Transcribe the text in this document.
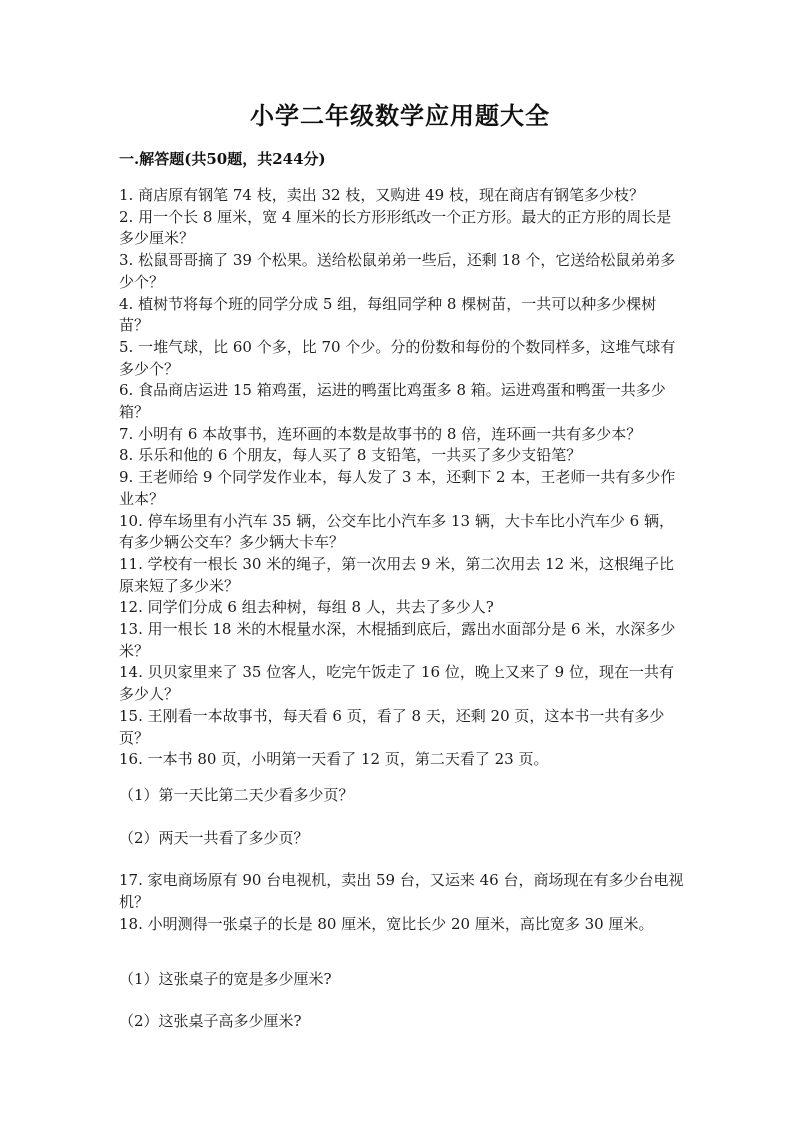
小学二年级数学应用题大全
一.解答题(共50题，共244分)

1. 商店原有钢笔 74 枝，卖出 32 枝，又购进 49 枝，现在商店有钢笔多少枝？

2. 用一个长 8 厘米，宽 4 厘米的长方形形纸改一个正方形。最大的正方形的周长是多少厘米？

3. 松鼠哥哥摘了 39 个松果。送给松鼠弟弟一些后，还剩 18 个，它送给松鼠弟弟多少个？

4. 植树节将每个班的同学分成 5 组，每组同学种 8 棵树苗，一共可以种多少棵树苗？

5. 一堆气球，比 60 个多，比 70 个少。分的份数和每份的个数同样多，这堆气球有多少个？

6. 食品商店运进 15 箱鸡蛋，运进的鸭蛋比鸡蛋多 8 箱。运进鸡蛋和鸭蛋一共多少箱？

7. 小明有 6 本故事书，连环画的本数是故事书的 8 倍，连环画一共有多少本？

8. 乐乐和他的 6 个朋友，每人买了 8 支铅笔，一共买了多少支铅笔？

9. 王老师给 9 个同学发作业本，每人发了 3 本，还剩下 2 本，王老师一共有多少作业本？

10. 停车场里有小汽车 35 辆，公交车比小汽车多 13 辆，大卡车比小汽车少 6 辆，有多少辆公交车？多少辆大卡车？

11. 学校有一根长 30 米的绳子，第一次用去 9 米，第二次用去 12 米，这根绳子比原来短了多少米？

12. 同学们分成 6 组去种树，每组 8 人，共去了多少人?

13. 用一根长 18 米的木棍量水深，木棍插到底后，露出水面部分是 6 米，水深多少米？

14. 贝贝家里来了 35 位客人，吃完午饭走了 16 位，晚上又来了 9 位，现在一共有多少人？

15. 王刚看一本故事书，每天看 6 页，看了 8 天，还剩 20 页，这本书一共有多少页？

16. 一本书 80 页，小明第一天看了 12 页，第二天看了 23 页。

（1）第一天比第二天少看多少页？

（2）两天一共看了多少页？

17. 家电商场原有 90 台电视机，卖出 59 台，又运来 46 台，商场现在有多少台电视机？

18. 小明测得一张桌子的长是 80 厘米，宽比长少 20 厘米，高比宽多 30 厘米。

（1）这张桌子的宽是多少厘米?

（2）这张桌子高多少厘米?
